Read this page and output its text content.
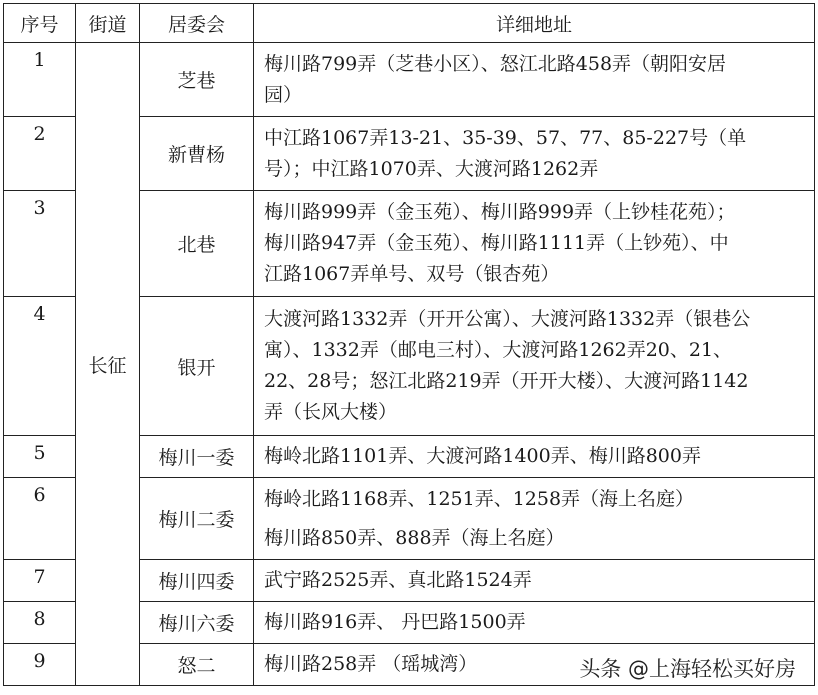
序号	街道	居委会	详细地址
1	长征	芝巷	梅川路799弄（芝巷小区）、怒江北路458弄（朝阳安居
园）

2		新曹杨	中江路1067弄13-21、35-39、57、77、85-227号（单
号）；中江路1070弄、大渡河路1262弄

3		北巷	梅川路999弄（金玉苑）、梅川路999弄（上钞桂花苑）；
梅川路947弄（金玉苑）、梅川路1111弄（上钞苑）、中
江路1067弄单号、双号（银杏苑）

4		银开	大渡河路1332弄（开开公寓）、大渡河路1332弄（银巷公
寓）、1332弄（邮电三村）、大渡河路1262弄20、21、
22、28号；怒江北路219弄（开开大楼）、大渡河路1142
弄（长风大楼）

5		梅川一委	梅岭北路1101弄、大渡河路1400弄、梅川路800弄

6		梅川二委	梅岭北路1168弄、1251弄、1258弄（海上名庭）
梅川路850弄、888弄（海上名庭）

7		梅川四委	武宁路2525弄、真北路1524弄

8		梅川六委	梅川路916弄、 丹巴路1500弄

9		怒二	梅川路258弄 （瑶城湾）	头条 @上海轻松买好房
